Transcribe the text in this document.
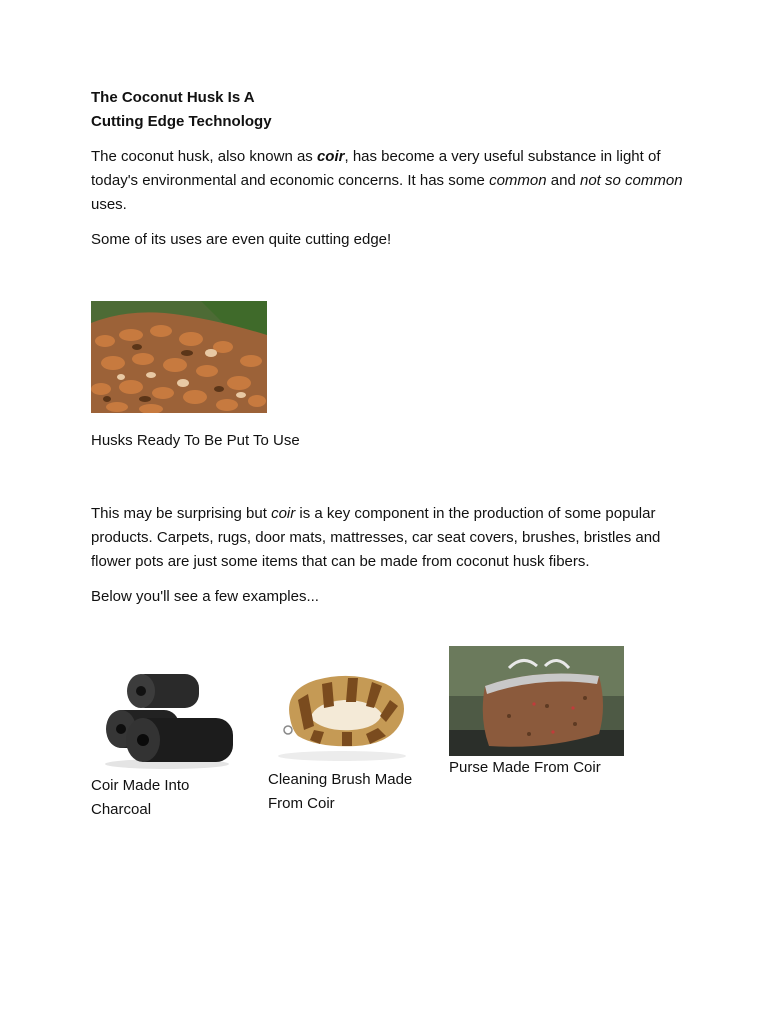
The Coconut Husk Is A
Cutting Edge Technology

The coconut husk, also known as coir, has become a very useful substance in light of today's environmental and economic concerns. It has some common and not so common uses.

Some of its uses are even quite cutting edge!

Husks Ready To Be Put To Use

This may be surprising but coir is a key component in the production of some popular products. Carpets, rugs, door mats, mattresses, car seat covers, brushes, bristles and flower pots are just some items that can be made from coconut husk fibers.

Below you'll see a few examples...

Coir Made Into Charcoal
Cleaning Brush Made From Coir
Purse Made From Coir
